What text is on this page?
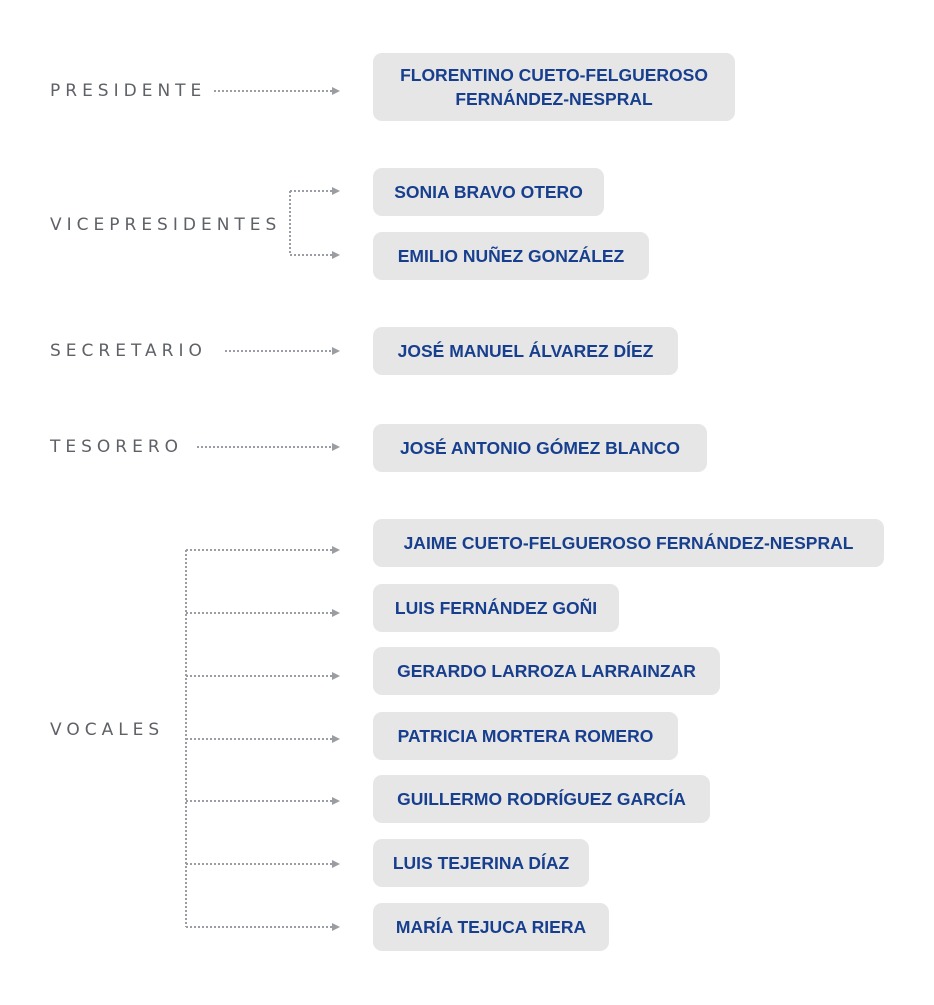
PRESIDENTE
VICEPRESIDENTES
SECRETARIO
TESORERO
VOCALES
FLORENTINO CUETO-FELGUEROSO FERNÁNDEZ-NESPRAL
SONIA BRAVO OTERO
EMILIO NUÑEZ GONZÁLEZ
JOSÉ MANUEL ÁLVAREZ DÍEZ
JOSÉ ANTONIO GÓMEZ BLANCO
JAIME CUETO-FELGUEROSO FERNÁNDEZ-NESPRAL
LUIS FERNÁNDEZ GOÑI
GERARDO LARROZA LARRAINZAR
PATRICIA MORTERA ROMERO
GUILLERMO RODRÍGUEZ GARCÍA
LUIS TEJERINA DÍAZ
MARÍA TEJUCA RIERA
